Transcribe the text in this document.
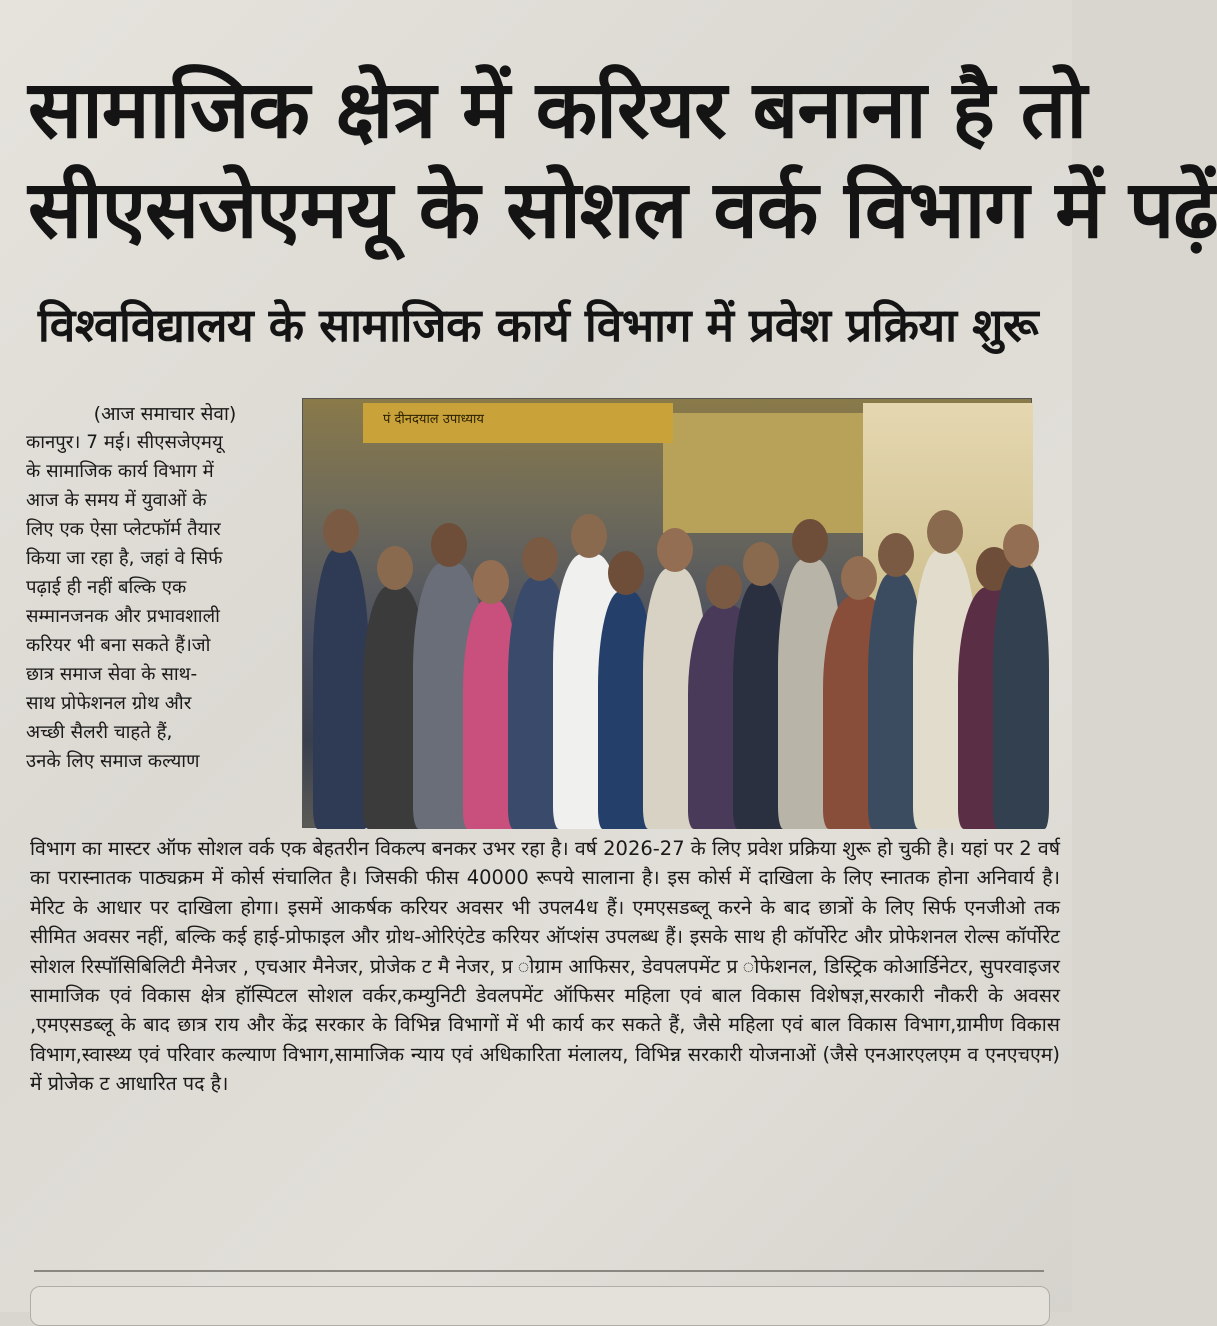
सामाजिक क्षेत्र में करियर बनाना है तो
सीएसजेएमयू के सोशल वर्क विभाग में पढ़ें
विश्वविद्यालय के सामाजिक कार्य विभाग में प्रवेश प्रक्रिया शुरू
(आज समाचार सेवा)
कानपुर। 7 मई। सीएसजेएमयू
के सामाजिक कार्य विभाग में
आज के समय में युवाओं के
लिए एक ऐसा प्लेटफॉर्म तैयार
किया जा रहा है, जहां वे सिर्फ
पढ़ाई ही नहीं बल्कि एक
सम्मानजनक और प्रभावशाली
करियर भी बना सकते हैं।जो
छात्र समाज सेवा के साथ-
साथ प्रोफेशनल ग्रोथ और
अच्छी सैलरी चाहते हैं,
उनके लिए समाज कल्याण
पं दीनदयाल उपाध्याय
विभाग का मास्टर ऑफ सोशल वर्क एक बेहतरीन विकल्प बनकर उभर रहा है। वर्ष 2026-27 के लिए प्रवेश प्रक्रिया शुरू हो चुकी है। यहां पर 2 वर्ष का परास्नातक पाठ्यक्रम में कोर्स संचालित है। जिसकी फीस 40000 रूपये सालाना है। इस कोर्स में दाखिला के लिए स्नातक होना अनिवार्य है। मेरिट के आधार पर दाखिला होगा। इसमें आकर्षक करियर अवसर भी उपल4ध हैं। एमएसडब्लू करने के बाद छात्रों के लिए सिर्फ एनजीओ तक सीमित अवसर नहीं, बल्कि कई हाई-प्रोफाइल और ग्रोथ-ओरिएंटेड करियर ऑप्शंस उपलब्ध हैं। इसके साथ ही कॉर्पोरेट और प्रोफेशनल रोल्स कॉर्पोरेट सोशल रिस्पॉसिबिलिटी मैनेजर , एचआर मैनेजर, प्रोजेक ट मै नेजर, प्र ोग्राम आफिसर, डेवपलपमेंट प्र ोफेशनल, डिस्ट्रिक कोआर्डिनेटर, सुपरवाइजर सामाजिक एवं विकास क्षेत्र हॉस्पिटल सोशल वर्कर,कम्युनिटी डेवलपमेंट ऑफिसर महिला एवं बाल विकास विशेषज्ञ,सरकारी नौकरी के अवसर ,एमएसडब्लू के बाद छात्र राय और केंद्र सरकार के विभिन्न विभागों में भी कार्य कर सकते हैं, जैसे महिला एवं बाल विकास विभाग,ग्रामीण विकास विभाग,स्वास्थ्य एवं परिवार कल्याण विभाग,सामाजिक न्याय एवं अधिकारिता मंलालय, विभिन्न सरकारी योजनाओं (जैसे एनआरएलएम व एनएचएम) में प्रोजेक ट आधारित पद है।
